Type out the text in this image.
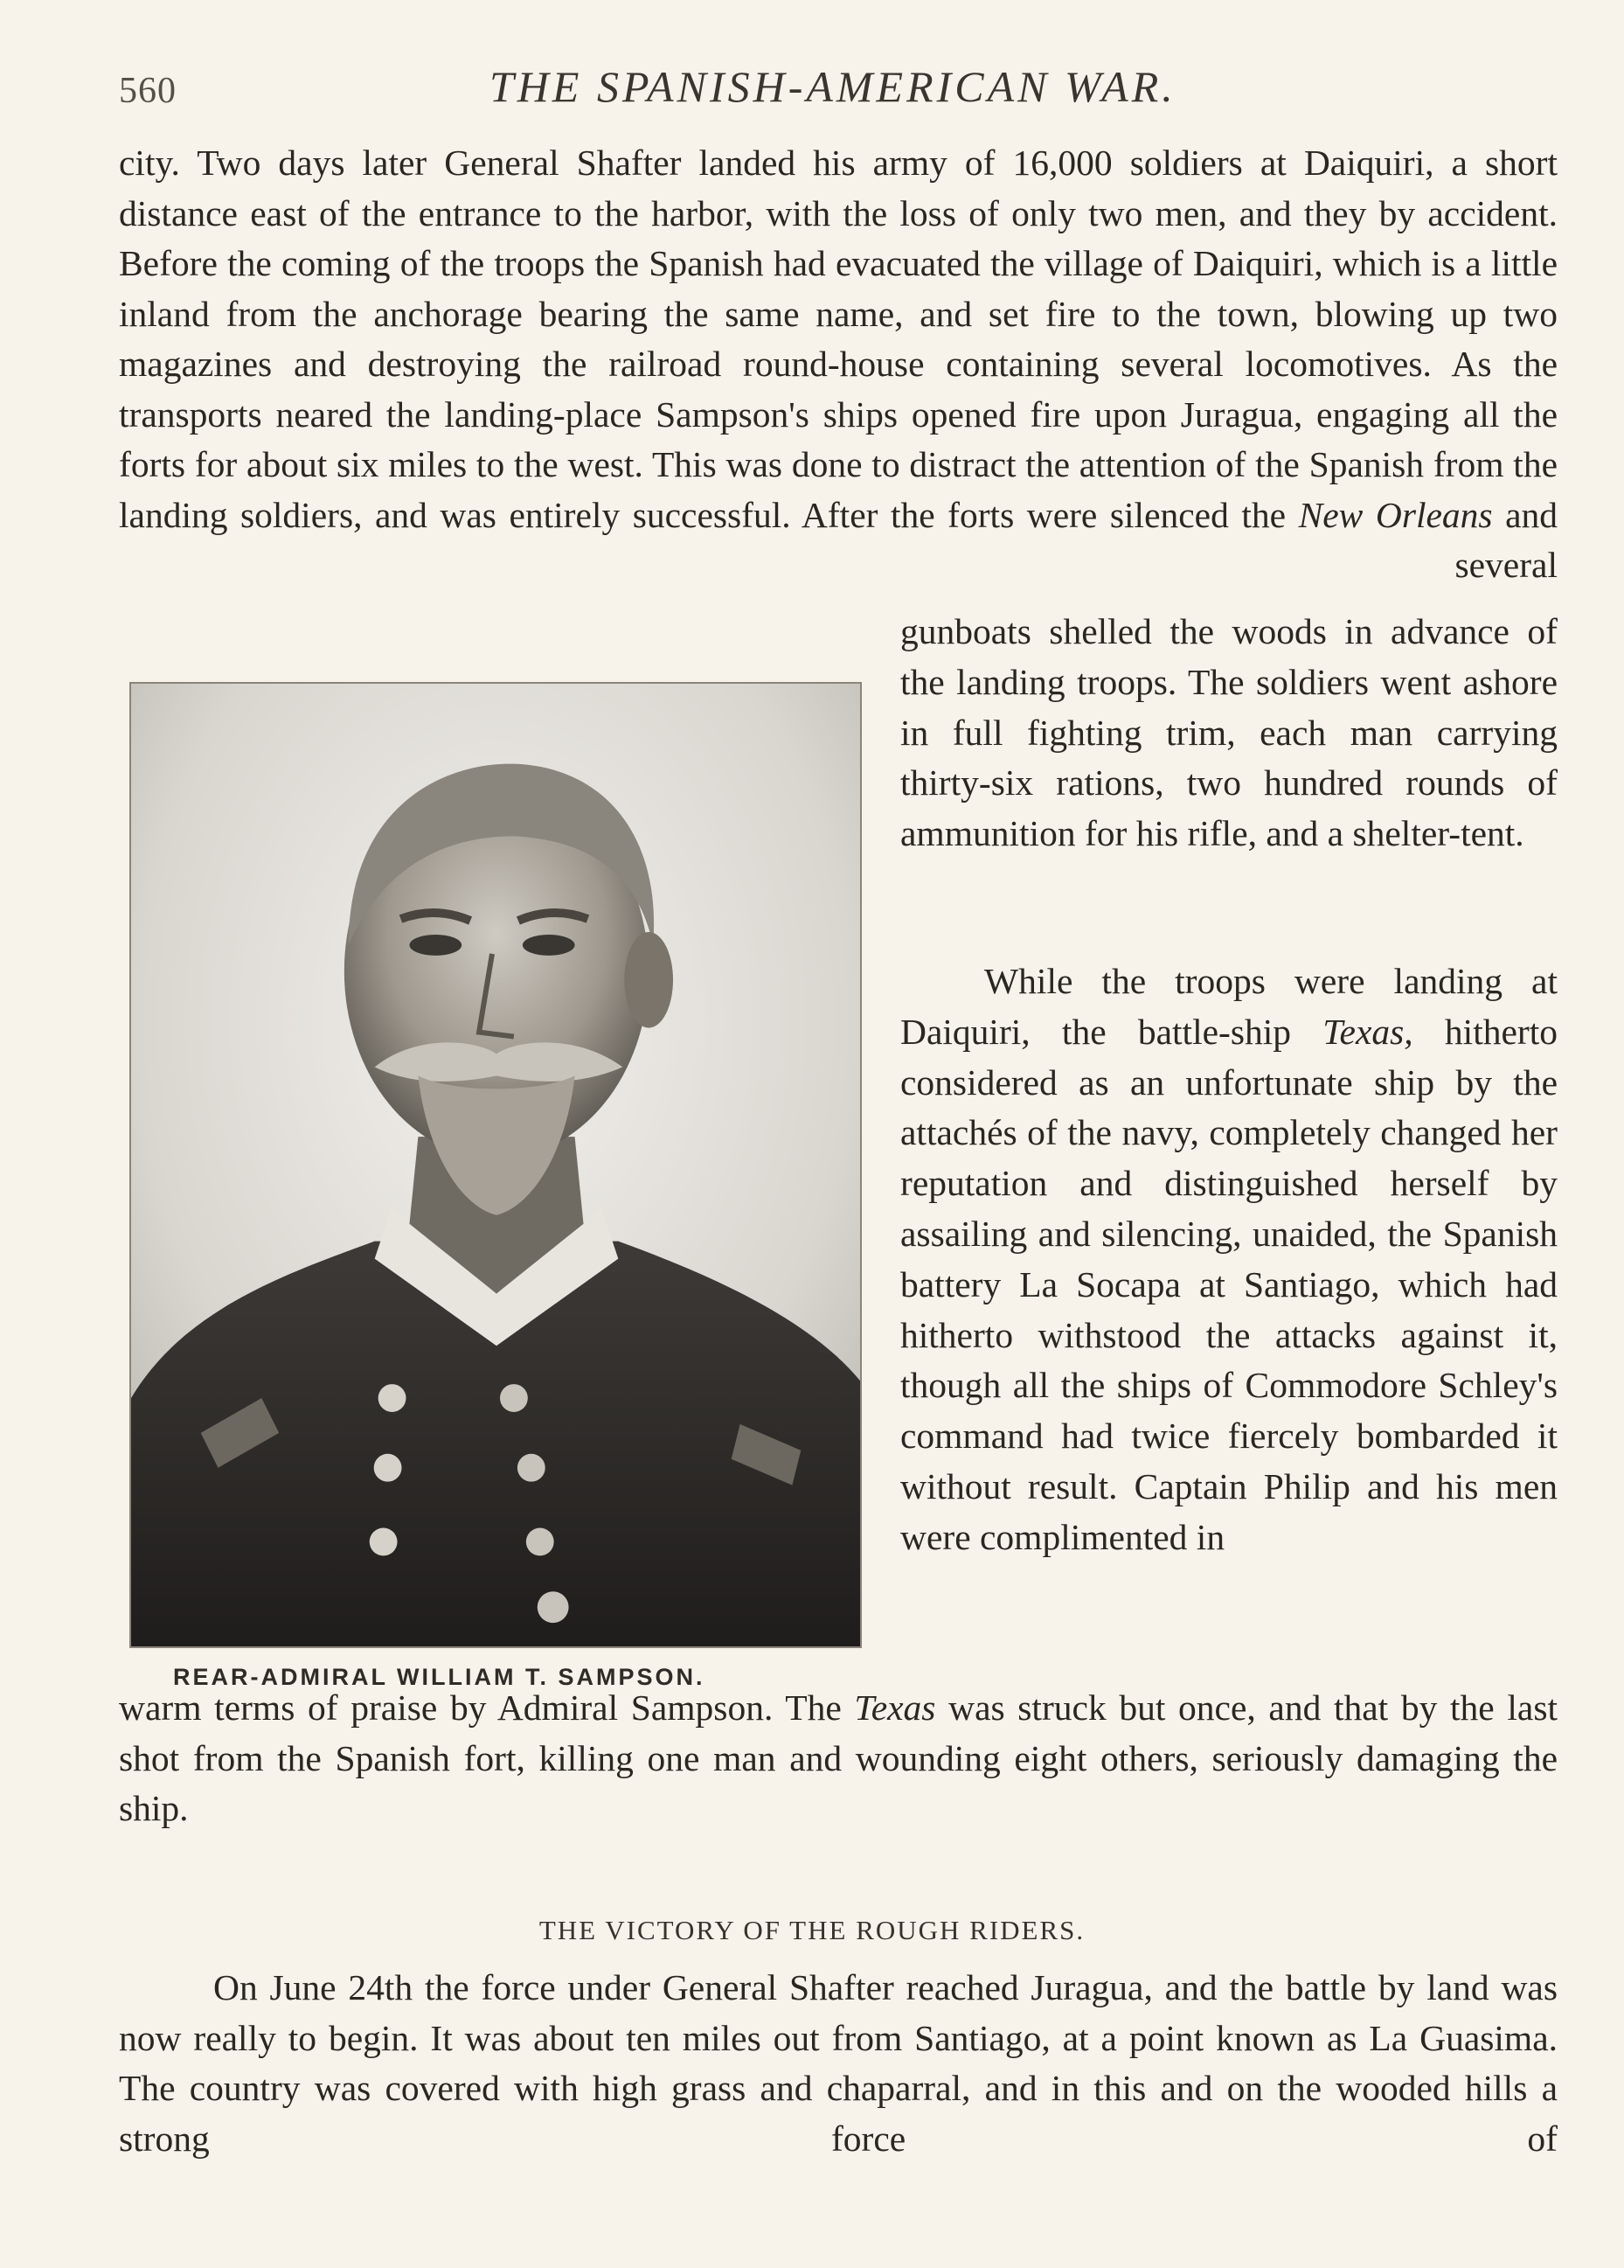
560	THE SPANISH-AMERICAN WAR.
city. Two days later General Shafter landed his army of 16,000 soldiers at Daiquiri, a short distance east of the entrance to the harbor, with the loss of only two men, and they by accident. Before the coming of the troops the Spanish had evacuated the village of Daiquiri, which is a little inland from the anchorage bearing the same name, and set fire to the town, blowing up two magazines and destroying the railroad round-house containing several locomotives. As the transports neared the landing-place Sampson's ships opened fire upon Juragua, engaging all the forts for about six miles to the west. This was done to distract the attention of the Spanish from the landing soldiers, and was entirely successful. After the forts were silenced the New Orleans and several
REAR-ADMIRAL WILLIAM T. SAMPSON.

gunboats shelled the woods in advance of the landing troops. The soldiers went ashore in full fighting trim, each man carrying thirty-six rations, two hundred rounds of ammunition for his rifle, and a shelter-tent.

While the troops were landing at Daiquiri, the battle-ship Texas, hitherto considered as an unfortunate ship by the attachés of the navy, completely changed her reputation and distinguished herself by assailing and silencing, unaided, the Spanish battery La Socapa at Santiago, which had hitherto withstood the attacks against it, though all the ships of Commodore Schley's command had twice fiercely bombarded it without result. Captain Philip and his men were complimented in

warm terms of praise by Admiral Sampson. The Texas was struck but once, and that by the last shot from the Spanish fort, killing one man and wounding eight others, seriously damaging the ship.
THE VICTORY OF THE ROUGH RIDERS.
On June 24th the force under General Shafter reached Juragua, and the battle by land was now really to begin. It was about ten miles out from Santiago, at a point known as La Guasima. The country was covered with high grass and chaparral, and in this and on the wooded hills a strong force of
